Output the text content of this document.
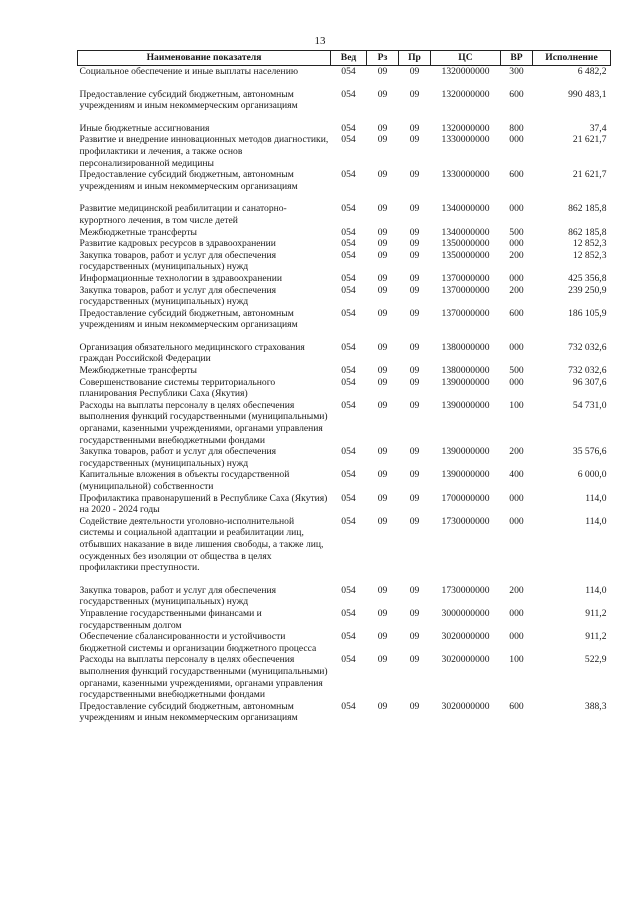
13
Наименование показателя	Вед	Рз	Пр	ЦС	ВР	Исполнение
Социальное обеспечение и иные выплаты населению	054	09	09	1320000000	300	6 482,2

Предоставление субсидий бюджетным, автономным учреждениям и иным некоммерческим организациям	054	09	09	1320000000	600	990 483,1

Иные бюджетные ассигнования	054	09	09	1320000000	800	37,4
Развитие и внедрение инновационных методов диагностики, профилактики и лечения, а также основ персонализированной медицины	054	09	09	1330000000	000	21 621,7
Предоставление субсидий бюджетным, автономным учреждениям и иным некоммерческим организациям	054	09	09	1330000000	600	21 621,7

Развитие медицинской реабилитации и санаторно-курортного лечения, в том числе детей	054	09	09	1340000000	000	862 185,8
Межбюджетные трансферты	054	09	09	1340000000	500	862 185,8
Развитие кадровых ресурсов в здравоохранении	054	09	09	1350000000	000	12 852,3
Закупка товаров, работ и услуг для обеспечения государственных (муниципальных) нужд	054	09	09	1350000000	200	12 852,3
Информационные технологии в здравоохранении	054	09	09	1370000000	000	425 356,8
Закупка товаров, работ и услуг для обеспечения государственных (муниципальных) нужд	054	09	09	1370000000	200	239 250,9
Предоставление субсидий бюджетным, автономным учреждениям и иным некоммерческим организациям	054	09	09	1370000000	600	186 105,9

Организация обязательного медицинского страхования граждан Российской Федерации	054	09	09	1380000000	000	732 032,6
Межбюджетные трансферты	054	09	09	1380000000	500	732 032,6
Совершенствование системы территориального планирования Республики Саха (Якутия)	054	09	09	1390000000	000	96 307,6
Расходы на выплаты персоналу в целях обеспечения выполнения функций государственными (муниципальными) органами, казенными учреждениями, органами управления государственными внебюджетными фондами	054	09	09	1390000000	100	54 731,0
Закупка товаров, работ и услуг для обеспечения государственных (муниципальных) нужд	054	09	09	1390000000	200	35 576,6
Капитальные вложения в объекты государственной (муниципальной) собственности	054	09	09	1390000000	400	6 000,0
Профилактика правонарушений в Республике Саха (Якутия) на 2020 - 2024 годы	054	09	09	1700000000	000	114,0
Содействие деятельности уголовно-исполнительной системы и социальной адаптации и реабилитации лиц, отбывших наказание в виде лишения свободы, а также лиц, осужденных без изоляции от общества в целях профилактики преступности.	054	09	09	1730000000	000	114,0

Закупка товаров, работ и услуг для обеспечения государственных (муниципальных) нужд	054	09	09	1730000000	200	114,0
Управление государственными финансами и государственным долгом	054	09	09	3000000000	000	911,2
Обеспечение сбалансированности и устойчивости бюджетной системы и организации бюджетного процесса	054	09	09	3020000000	000	911,2
Расходы на выплаты персоналу в целях обеспечения выполнения функций государственными (муниципальными) органами, казенными учреждениями, органами управления государственными внебюджетными фондами	054	09	09	3020000000	100	522,9
Предоставление субсидий бюджетным, автономным учреждениям и иным некоммерческим организациям	054	09	09	3020000000	600	388,3
